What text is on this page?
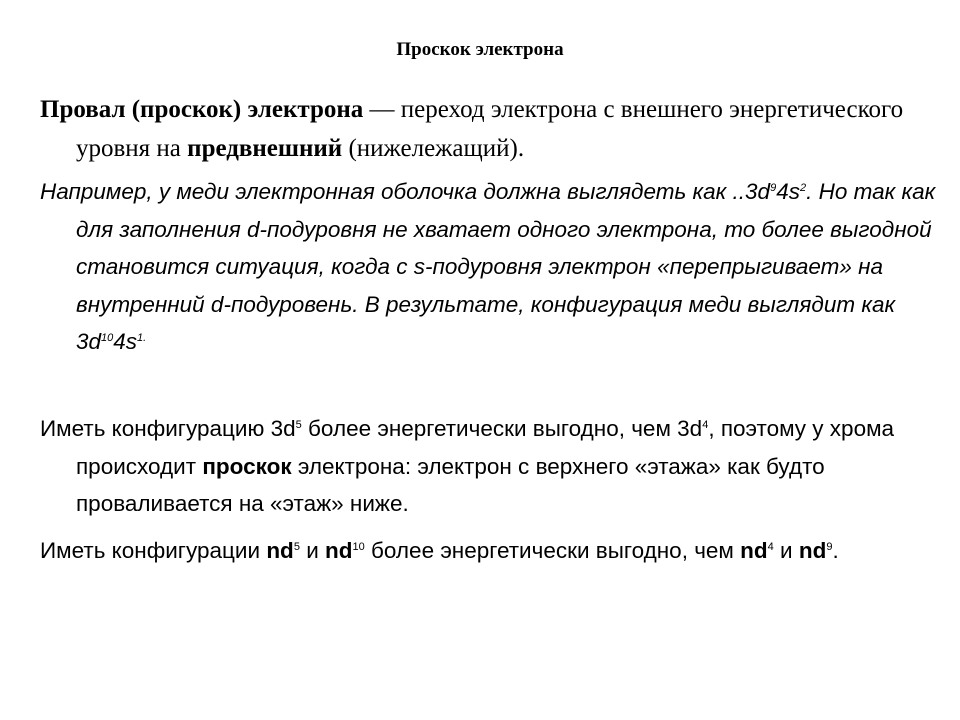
Проскок электрона

Провал (проскок) электрона — переход электрона с внешнего энергетического уровня на предвнешний (нижележащий).

Например, у меди электронная оболочка должна выглядеть как $..3d^94s^2$. Но так как для заполнения d-подуровня не хватает одного электрона, то более выгодной становится ситуация, когда с s-подуровня электрон «перепрыгивает» на внутренний d-подуровень. В результате, конфигурация меди выглядит как $3d^{10}4s^{1.}$

Иметь конфигурацию $3d^5$ более энергетически выгодно, чем $3d^4$, поэтому у хрома происходит проскок электрона: электрон с верхнего «этажа» как будто проваливается на «этаж» ниже.

Иметь конфигурации $nd^5$ и $nd^{10}$ более энергетически выгодно, чем $nd^4$ и $nd^9$.
